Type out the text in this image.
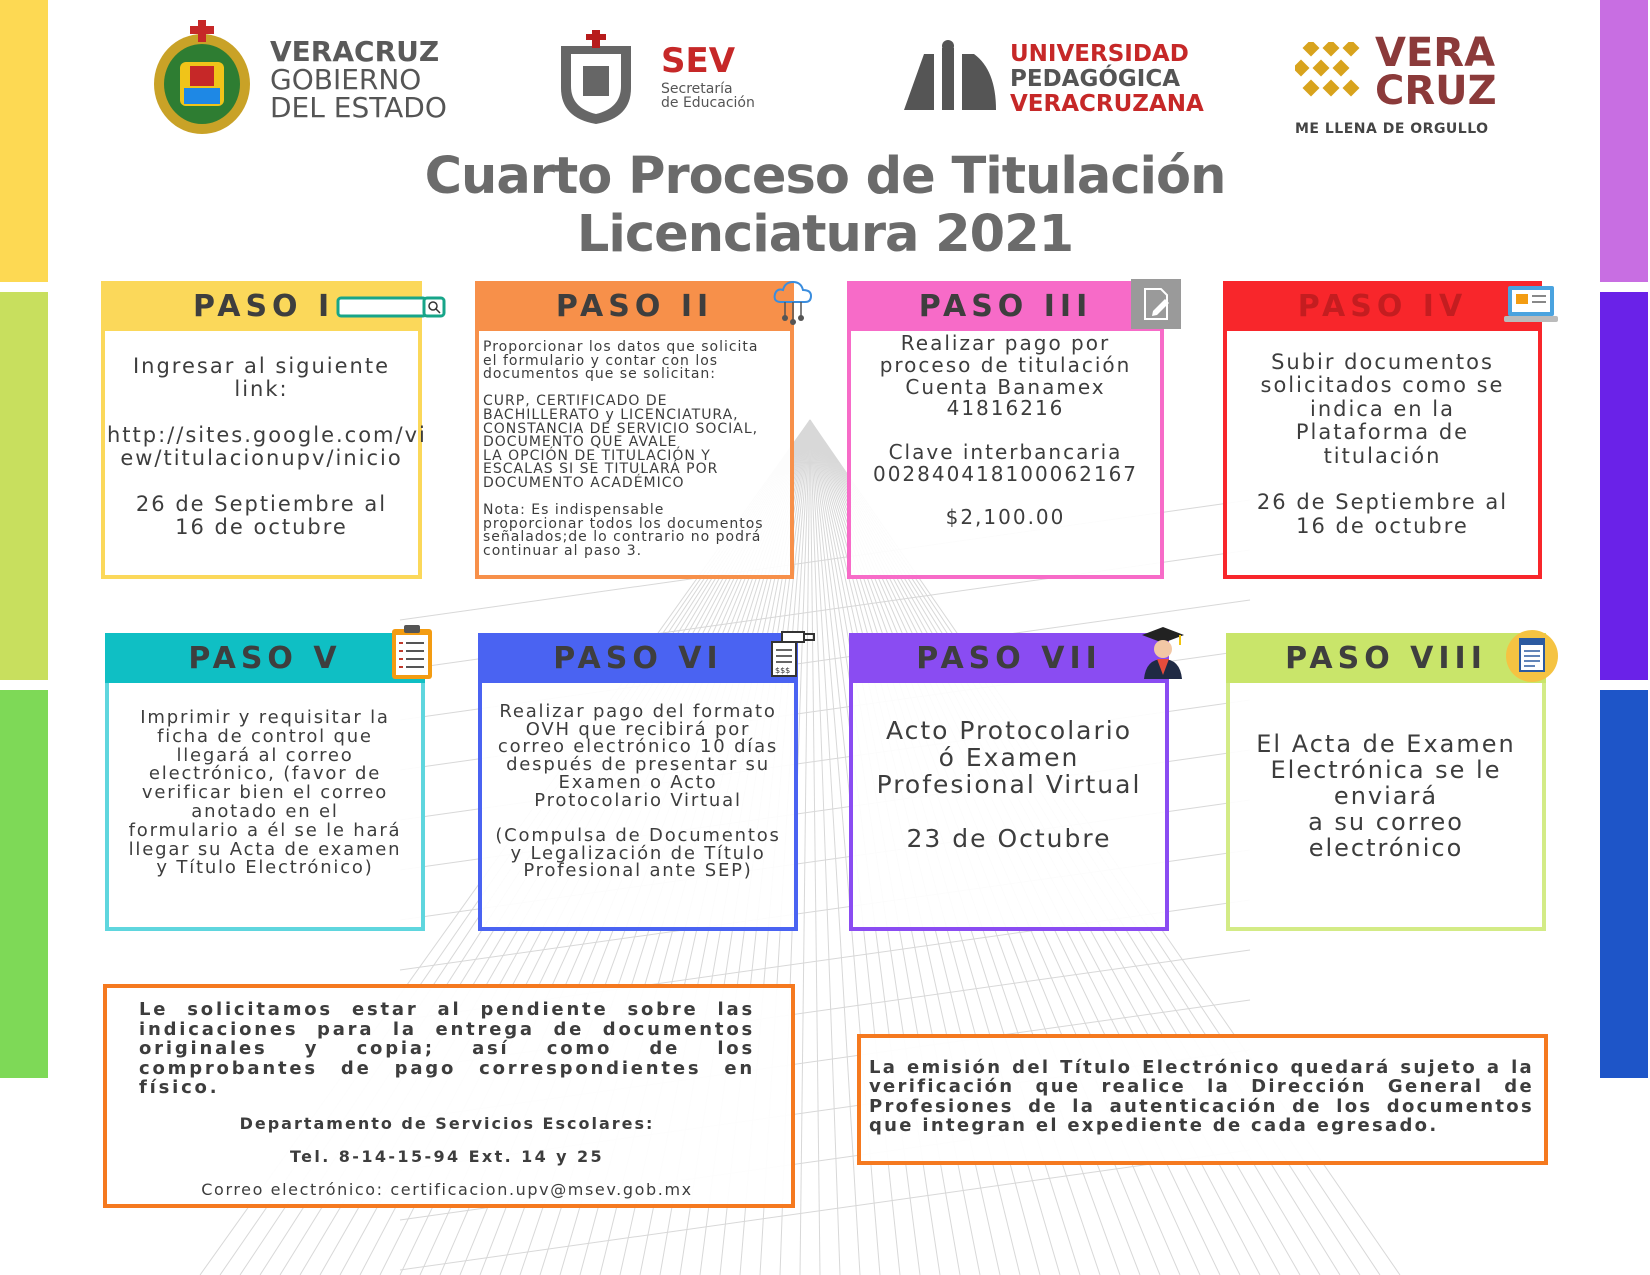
VERACRUZ
GOBIERNO
DEL ESTADO
SEV
Secretaría
de Educación
UNIVERSIDAD
PEDAGÓGICA
VERACRUZANA
VERA
CRUZ
ME LLENA DE ORGULLO
Cuarto Proceso de Titulación
Licenciatura 2021
PASO I
Ingresar al siguiente
link:

http://sites.google.com/vi
ew/titulacionupv/inicio

26 de Septiembre al
16 de octubre
PASO II
Proporcionar los datos que solicita
el formulario y contar con los
documentos que se solicitan:

CURP, CERTIFICADO DE
BACHILLERATO y LICENCIATURA,
CONSTANCIA DE SERVICIO SOCIAL,
DOCUMENTO QUE AVALE
LA OPCIÓN DE TITULACIÓN Y
ESCALAS SI SE TITULARÁ POR
DOCUMENTO ACADÉMICO

Nota: Es indispensable
proporcionar todos los documentos
señalados;de lo contrario no podrá
continuar al paso 3.
PASO III
Realizar pago por
proceso de titulación
Cuenta Banamex
41816216

Clave interbancaria
002840418100062167

$2,100.00
PASO IV
Subir documentos
solicitados como se
indica en la
Plataforma de
titulación

26 de Septiembre al
16 de octubre
PASO V
Imprimir y requisitar la
ficha de control que
llegará al correo
electrónico, (favor de
verificar bien el correo
anotado en el
formulario a él se le hará
llegar su Acta de examen
y Título Electrónico)
PASO VI
Realizar pago del formato
OVH que recibirá por
correo electrónico 10 días
después de presentar su
Examen o Acto
Protocolario Virtual

(Compulsa de Documentos
y Legalización de Título
Profesional ante SEP)
$$$	PASO VII
Acto Protocolario
ó Examen
Profesional Virtual

23 de Octubre
PASO VIII
El Acta de Examen
Electrónica se le
enviará
a su correo
electrónico

Le solicitamos estar al pendiente sobre las indicaciones para la entrega de documentos originales y copia; así como de los comprobantes de pago correspondientes en físico.

Departamento de Servicios Escolares:

Tel. 8-14-15-94 Ext. 14 y 25

Correo electrónico: certificacion.upv@msev.gob.mx

La emisión del Título Electrónico quedará sujeto a la verificación que realice la Dirección General de Profesiones de la autenticación de los documentos que integran el expediente de cada egresado.
